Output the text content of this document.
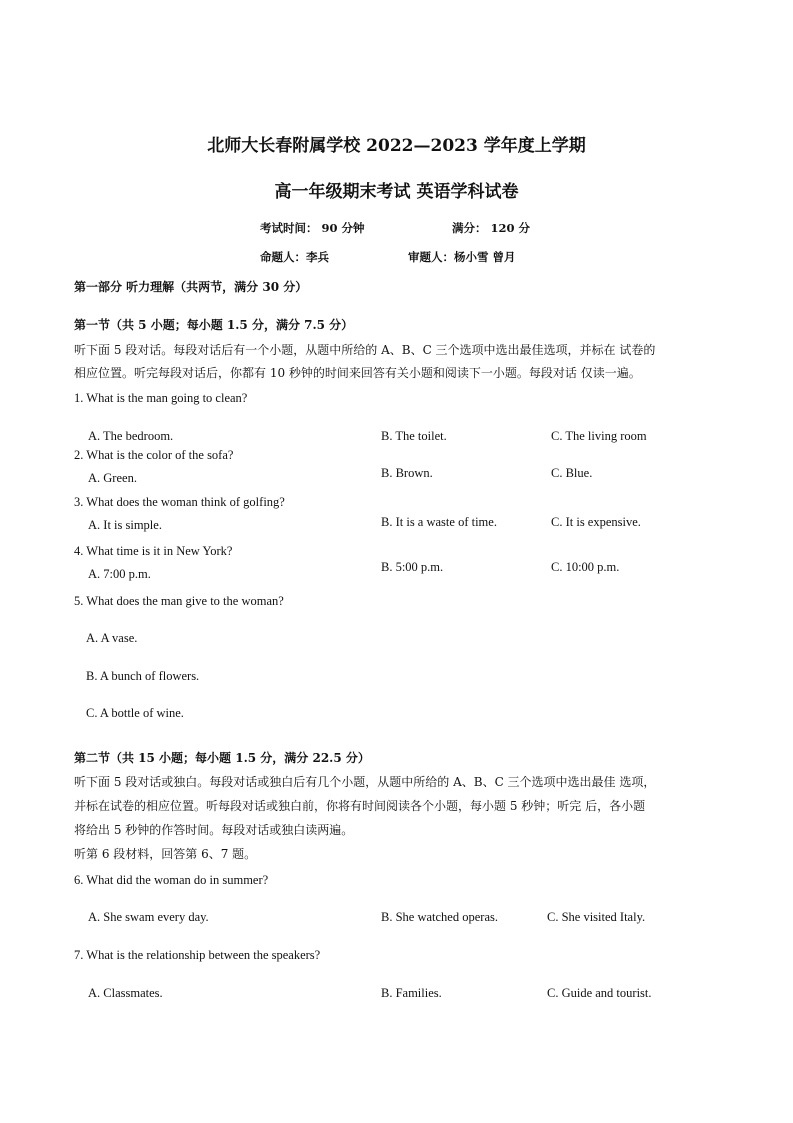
北师大长春附属学校 2022—2023 学年度上学期
高一年级期末考试 英语学科试卷
考试时间： 90 分钟	满分： 120 分
命题人：李兵	审题人：杨小雪 曾月
第一部分 听力理解（共两节，满分 30 分）
第一节（共 5 小题；每小题 1.5 分，满分 7.5 分）
听下面 5 段对话。每段对话后有一个小题，从题中所给的 A、B、C 三个选项中选出最佳选项，并标在 试卷的
相应位置。听完每段对话后，你都有 10 秒钟的时间来回答有关小题和阅读下一小题。每段对话 仅读一遍。
1. What is the man going to clean?
A. The bedroom.	B. The toilet.	C. The living room
2. What is the color of the sofa?
A. Green.	B. Brown.	C. Blue.
3. What does the woman think of golfing?
A. It is simple.	B. It is a waste of time.	C. It is expensive.
4. What time is it in New York?
A. 7:00 p.m.	B. 5:00 p.m.	C. 10:00 p.m.
5. What does the man give to the woman?
A. A vase.
B. A bunch of flowers.
C. A bottle of wine.
第二节（共 15 小题；每小题 1.5 分，满分 22.5 分）
听下面 5 段对话或独白。每段对话或独白后有几个小题，从题中所给的 A、B、C 三个选项中选出最佳 选项，
并标在试卷的相应位置。听每段对话或独白前，你将有时间阅读各个小题，每小题 5 秒钟；听完 后，各小题
将给出 5 秒钟的作答时间。每段对话或独白读两遍。
听第 6 段材料，回答第 6、7 题。
6. What did the woman do in summer?
A. She swam every day.	B. She watched operas.	C. She visited Italy.
7. What is the relationship between the speakers?
A. Classmates.	B. Families.	C. Guide and tourist.
